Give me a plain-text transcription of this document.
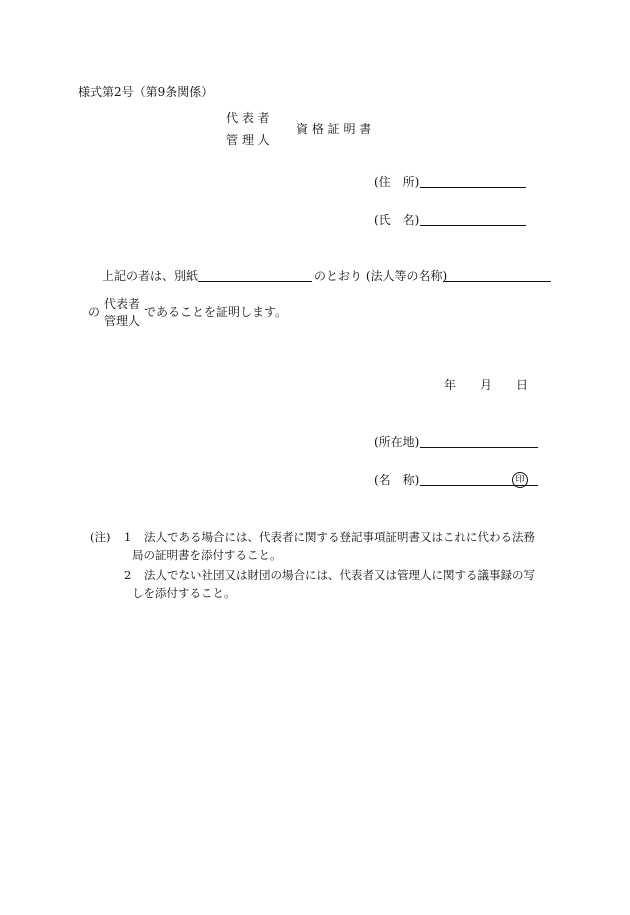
様式第2号（第9条関係）
代 表 者
管 理 人
資 格 証 明 書
(住　所)
(氏　名)
上記の者は、別紙	のとおり (法人等の名称)
の
代表者
管理人
であることを証明します。
年 月 日
(所在地)
(名　称)	印
(注) 1 法人である場合には、代表者に関する登記事項証明書又はこれに代わる法務
局の証明書を添付すること。
2 法人でない社団又は財団の場合には、代表者又は管理人に関する議事録の写
しを添付すること。
